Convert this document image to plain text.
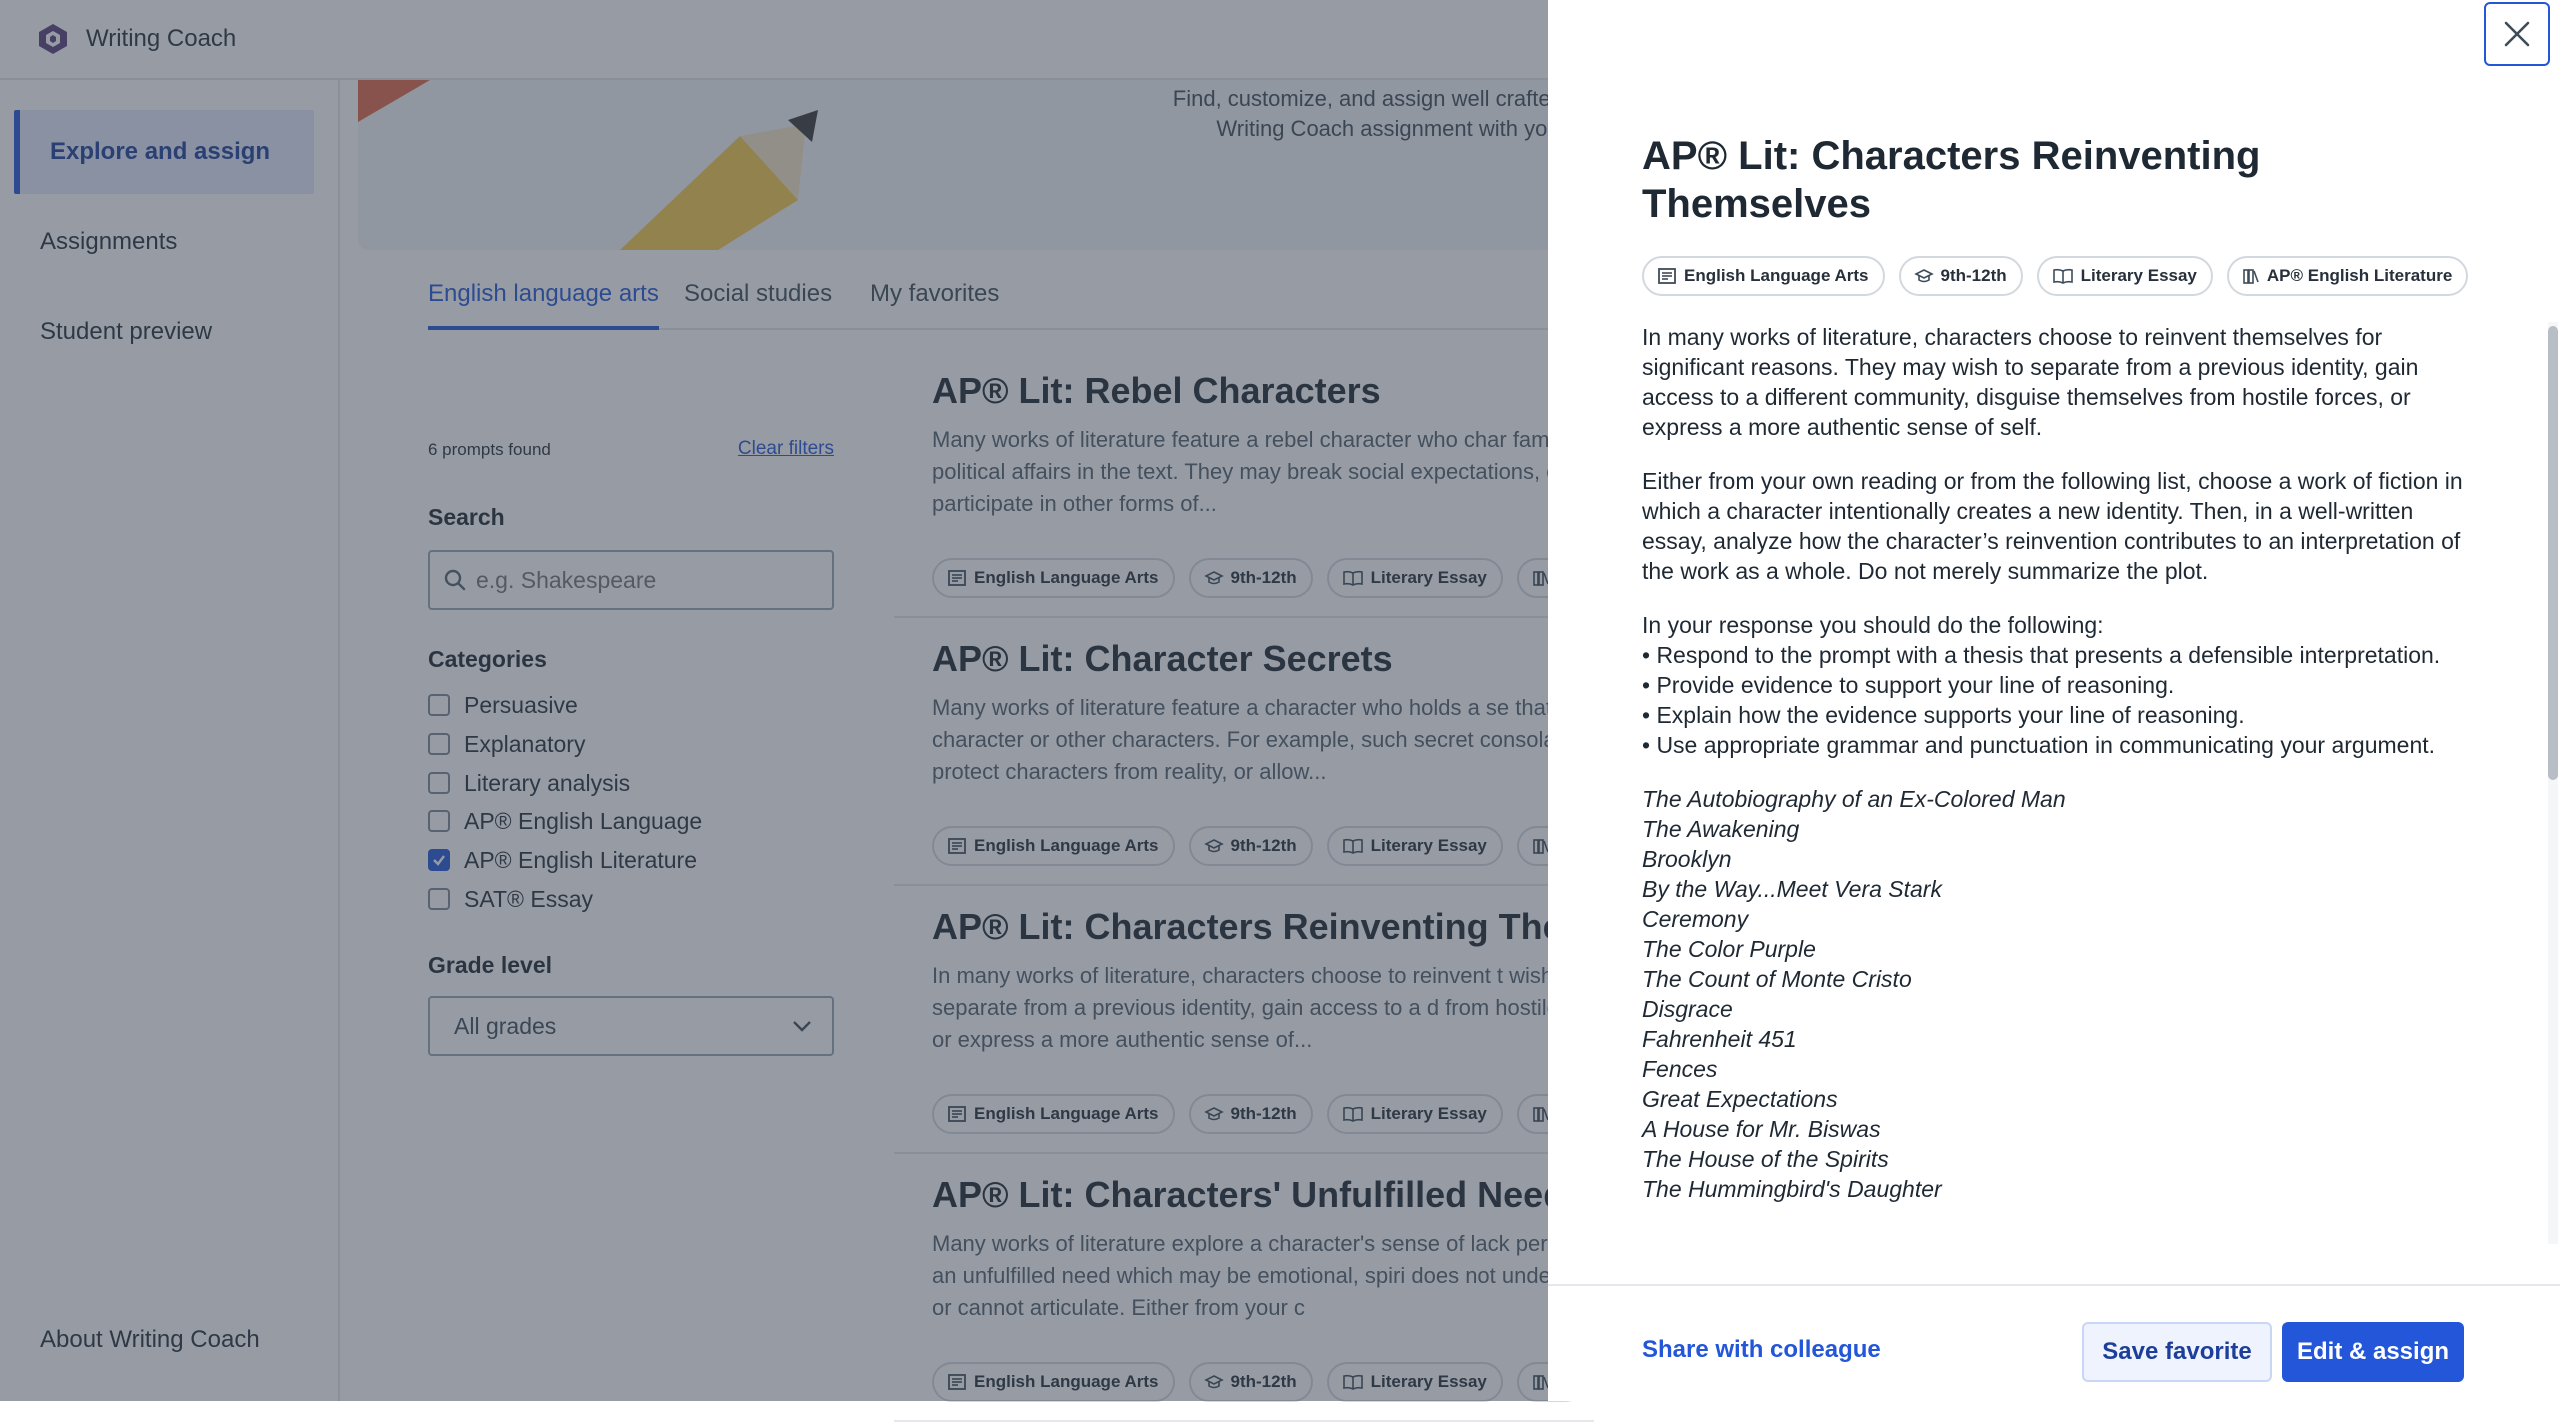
e.g. Shakespeare
AP® Lit: Characters Reinventing Themselves
English Language Arts	9th-12th	Literary Essay	AP® English Literature

In many works of literature, characters choose to reinvent themselves for significant reasons. They may wish to separate from a previous identity, gain access to a different community, disguise themselves from hostile forces, or express a more authentic sense of self.

Either from your own reading or from the following list, choose a work of fiction in which a character intentionally creates a new identity. Then, in a well-written essay, analyze how the character’s reinvention contributes to an interpretation of the work as a whole. Do not merely summarize the plot.

In your response you should do the following:
• Respond to the prompt with a thesis that presents a defensible interpretation.
• Provide evidence to support your line of reasoning.
• Explain how the evidence supports your line of reasoning.
• Use appropriate grammar and punctuation in communicating your argument.
The Autobiography of an Ex-Colored Man
The Awakening
Brooklyn
By the Way...Meet Vera Stark
Ceremony
The Color Purple
The Count of Monte Cristo
Disgrace
Fahrenheit 451
Fences
Great Expectations
A House for Mr. Biswas
The House of the Spirits
The Hummingbird's Daughter
Share with colleague	Save favorite	Edit & assign
